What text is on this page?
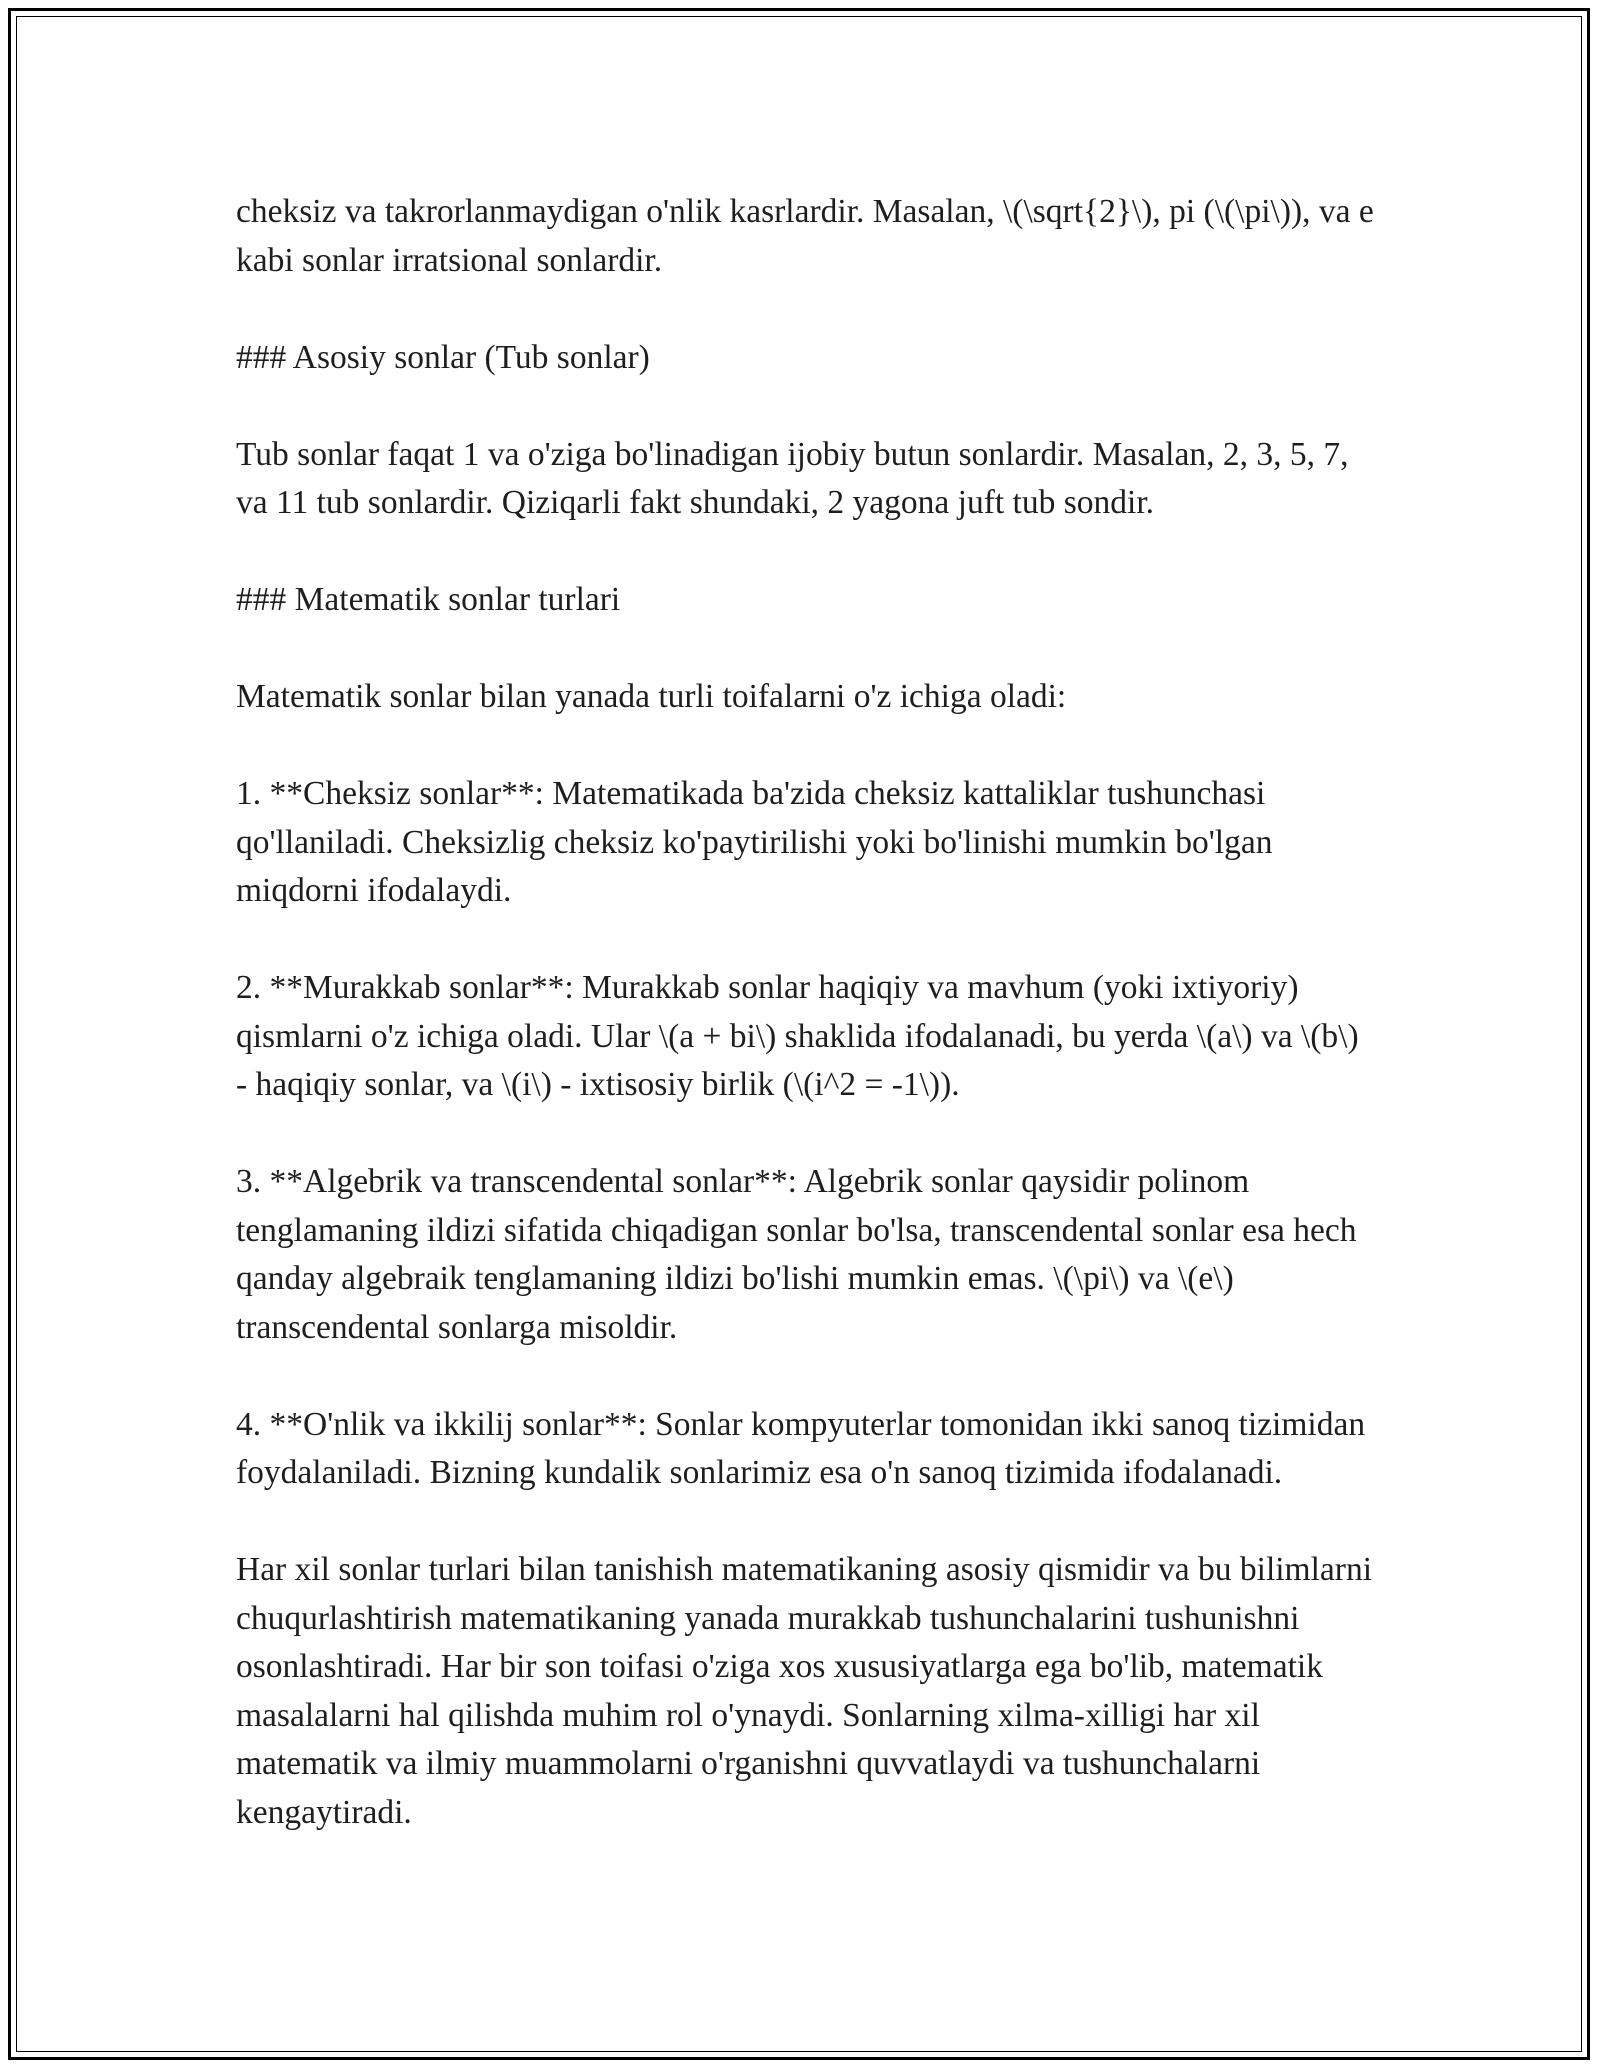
cheksiz va takrorlanmaydigan o'nlik kasrlardir. Masalan, \(\sqrt{2}\), pi (\(\pi\)), va e kabi sonlar irratsional sonlardir.

### Asosiy sonlar (Tub sonlar)

Tub sonlar faqat 1 va o'ziga bo'linadigan ijobiy butun sonlardir. Masalan, 2, 3, 5, 7, va 11 tub sonlardir. Qiziqarli fakt shundaki, 2 yagona juft tub sondir.

### Matematik sonlar turlari

Matematik sonlar bilan yanada turli toifalarni o'z ichiga oladi:

1. **Cheksiz sonlar**: Matematikada ba'zida cheksiz kattaliklar tushunchasi qo'llaniladi. Cheksizlig cheksiz ko'paytirilishi yoki bo'linishi mumkin bo'lgan miqdorni ifodalaydi.

2. **Murakkab sonlar**: Murakkab sonlar haqiqiy va mavhum (yoki ixtiyoriy) qismlarni o'z ichiga oladi. Ular \(a + bi\) shaklida ifodalanadi, bu yerda \(a\) va \(b\) - haqiqiy sonlar, va \(i\) - ixtisosiy birlik (\(i^2 = -1\)).

3. **Algebrik va transcendental sonlar**: Algebrik sonlar qaysidir polinom tenglamaning ildizi sifatida chiqadigan sonlar bo'lsa, transcendental sonlar esa hech qanday algebraik tenglamaning ildizi bo'lishi mumkin emas. \(\pi\) va \(e\) transcendental sonlarga misoldir.

4. **O'nlik va ikkilij sonlar**: Sonlar kompyuterlar tomonidan ikki sanoq tizimidan foydalaniladi. Bizning kundalik sonlarimiz esa o'n sanoq tizimida ifodalanadi.

Har xil sonlar turlari bilan tanishish matematikaning asosiy qismidir va bu bilimlarni chuqurlashtirish matematikaning yanada murakkab tushunchalarini tushunishni osonlashtiradi. Har bir son toifasi o'ziga xos xususiyatlarga ega bo'lib, matematik masalalarni hal qilishda muhim rol o'ynaydi. Sonlarning xilma-xilligi har xil matematik va ilmiy muammolarni o'rganishni quvvatlaydi va tushunchalarni kengaytiradi.
